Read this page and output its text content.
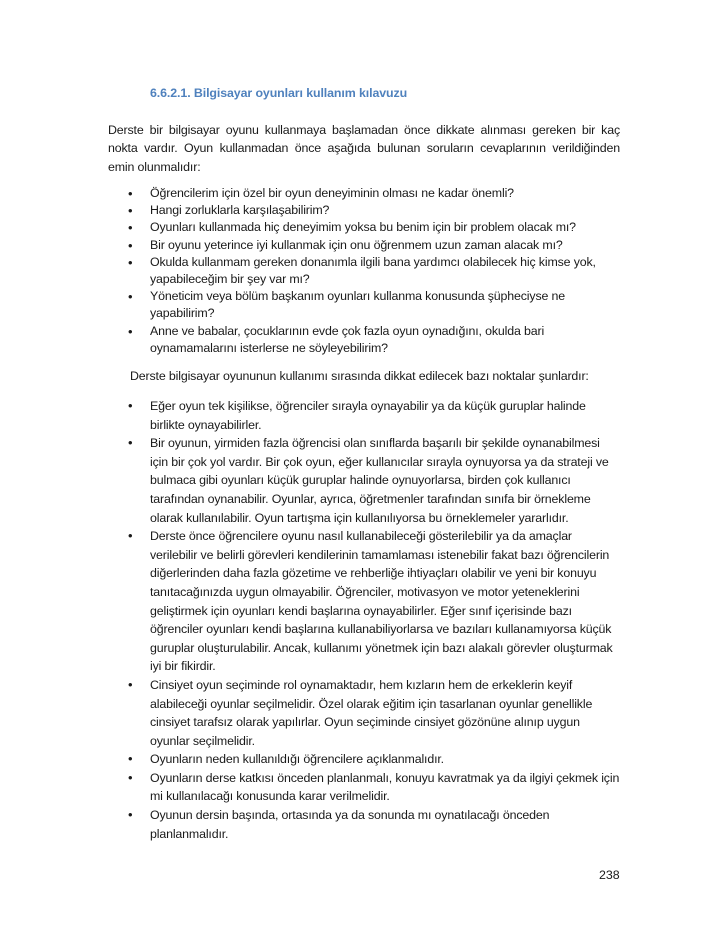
6.6.2.1. Bilgisayar oyunları kullanım kılavuzu
Derste bir bilgisayar oyunu kullanmaya başlamadan önce dikkate alınması gereken bir kaç nokta vardır. Oyun kullanmadan önce aşağıda bulunan soruların cevaplarının verildiğinden emin olunmalıdır:
• Öğrencilerim için özel bir oyun deneyiminin olması ne kadar önemli?
• Hangi zorluklarla karşılaşabilirim?
• Oyunları kullanmada hiç deneyimim yoksa bu benim için bir problem olacak mı?
• Bir oyunu yeterince iyi kullanmak için onu öğrenmem uzun zaman alacak mı?
• Okulda kullanmam gereken donanımla ilgili bana yardımcı olabilecek hiç kimse yok, yapabileceğim bir şey var mı?
• Yöneticim veya bölüm başkanım oyunları kullanma konusunda şüpheciyse ne yapabilirim?
• Anne ve babalar, çocuklarının evde çok fazla oyun oynadığını, okulda bari oynamamalarını isterlerse ne söyleyebilirim?
Derste bilgisayar oyununun kullanımı sırasında dikkat edilecek bazı noktalar şunlardır:
• Eğer oyun tek kişilikse, öğrenciler sırayla oynayabilir ya da küçük guruplar halinde birlikte oynayabilirler.
• Bir oyunun, yirmiden fazla öğrencisi olan sınıflarda başarılı bir şekilde oynanabilmesi için bir çok yol vardır. Bir çok oyun, eğer kullanıcılar sırayla oynuyorsa ya da strateji ve bulmaca gibi oyunları küçük guruplar halinde oynuyorlarsa, birden çok kullanıcı tarafından oynanabilir. Oyunlar, ayrıca, öğretmenler tarafından sınıfa bir örnekleme olarak kullanılabilir. Oyun tartışma için kullanılıyorsa bu örneklemeler yararlıdır.
• Derste önce öğrencilere oyunu nasıl kullanabileceği gösterilebilir ya da amaçlar verilebilir ve belirli görevleri kendilerinin tamamlaması istenebilir fakat bazı öğrencilerin diğerlerinden daha fazla gözetime ve rehberliğe ihtiyaçları olabilir ve yeni bir konuyu tanıtacağınızda uygun olmayabilir. Öğrenciler, motivasyon ve motor yeteneklerini geliştirmek için oyunları kendi başlarına oynayabilirler. Eğer sınıf içerisinde bazı öğrenciler oyunları kendi başlarına kullanabiliyorlarsa ve bazıları kullanamıyorsa küçük guruplar oluşturulabilir. Ancak, kullanımı yönetmek için bazı alakalı görevler oluşturmak iyi bir fikirdir.
• Cinsiyet oyun seçiminde rol oynamaktadır, hem kızların hem de erkeklerin keyif alabileceği oyunlar seçilmelidir. Özel olarak eğitim için tasarlanan oyunlar genellikle cinsiyet tarafsız olarak yapılırlar. Oyun seçiminde cinsiyet gözönüne alınıp uygun oyunlar seçilmelidir.
• Oyunların neden kullanıldığı öğrencilere açıklanmalıdır.
• Oyunların derse katkısı önceden planlanmalı, konuyu kavratmak ya da ilgiyi çekmek için mi kullanılacağı konusunda karar verilmelidir.
• Oyunun dersin başında, ortasında ya da sonunda mı oynatılacağı önceden planlanmalıdır.
238
